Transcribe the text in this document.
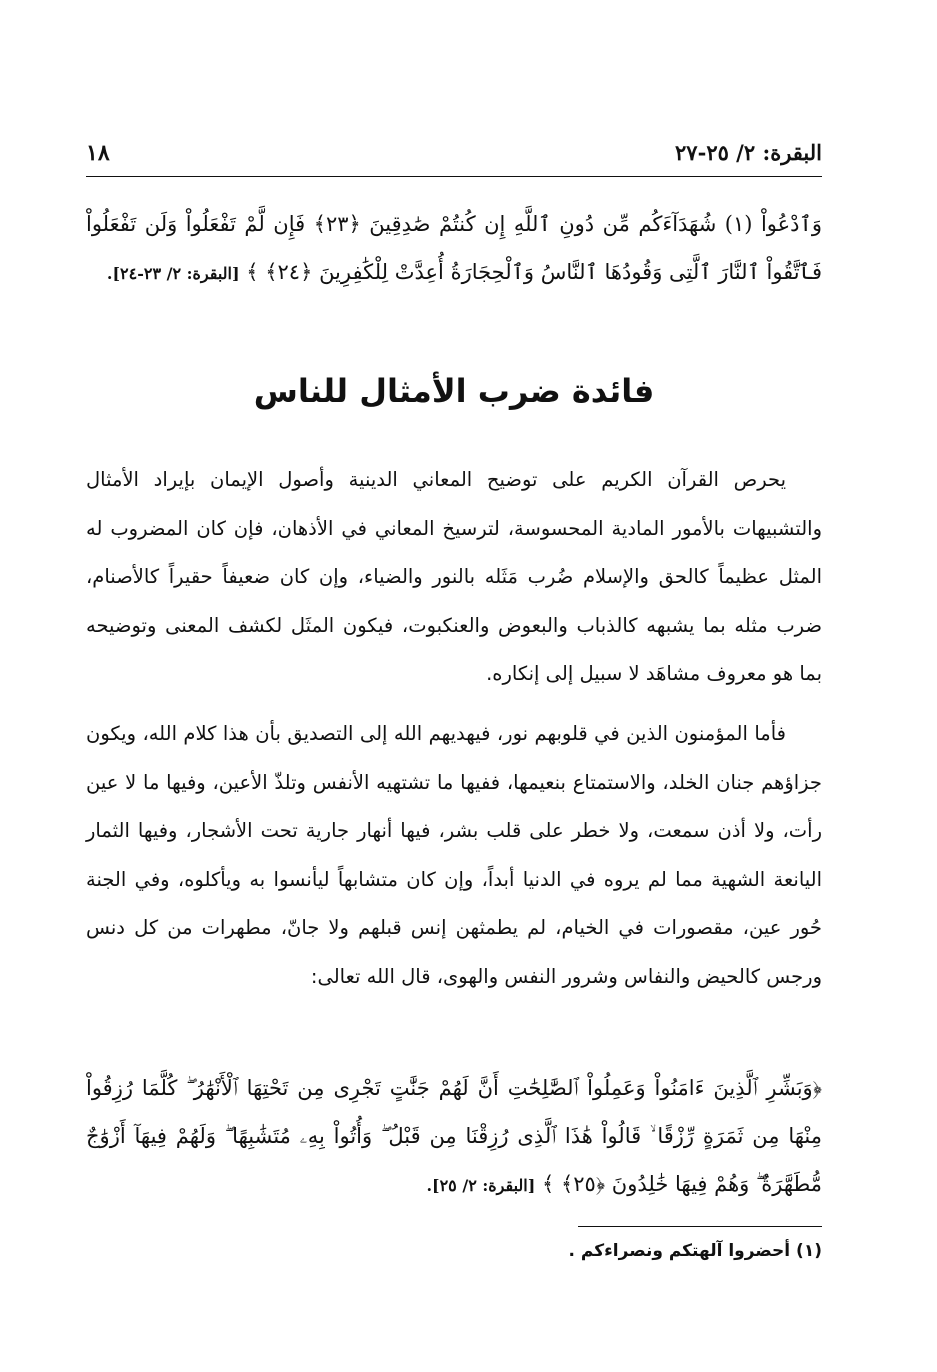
البقرة: ٢/ ٢٥-٢٧
١٨
وَٱدْعُواْ (١) شُهَدَآءَكُم مِّن دُونِ ٱللَّهِ إِن كُنتُمْ صَٰدِقِينَ ﴿٢٣﴾ فَإِن لَّمْ تَفْعَلُواْ وَلَن تَفْعَلُواْ فَٱتَّقُواْ ٱلنَّارَ ٱلَّتِى وَقُودُهَا ٱلنَّاسُ وَٱلْحِجَارَةُ أُعِدَّتْ لِلْكَٰفِرِينَ ﴿٢٤﴾ ﴾ [البقرة: ٢/ ٢٣-٢٤].
فائدة ضرب الأمثال للناس

يحرص القرآن الكريم على توضيح المعاني الدينية وأصول الإيمان بإيراد الأمثال والتشبيهات بالأمور المادية المحسوسة، لترسيخ المعاني في الأذهان، فإن كان المضروب له المثل عظيماً كالحق والإسلام ضُرب مَثَله بالنور والضياء، وإن كان ضعيفاً حقيراً كالأصنام، ضرب مثله بما يشبهه كالذباب والبعوض والعنكبوت، فيكون المثَل لكشف المعنى وتوضيحه بما هو معروف مشاهَد لا سبيل إلى إنكاره.

فأما المؤمنون الذين في قلوبهم نور، فيهديهم الله إلى التصديق بأن هذا كلام الله، ويكون جزاؤهم جنان الخلد، والاستمتاع بنعيمها، ففيها ما تشتهيه الأنفس وتلذّ الأعين، وفيها ما لا عين رأت، ولا أذن سمعت، ولا خطر على قلب بشر، فيها أنهار جارية تحت الأشجار، وفيها الثمار اليانعة الشهية مما لم يروه في الدنيا أبداً، وإن كان متشابهاً ليأنسوا به ويأكلوه، وفي الجنة حُور عين، مقصورات في الخيام، لم يطمثهن إنس قبلهم ولا جانّ، مطهرات من كل دنس ورجس كالحيض والنفاس وشرور النفس والهوى، قال الله تعالى:

﴿وَبَشِّرِ ٱلَّذِينَ ءَامَنُواْ وَعَمِلُواْ ٱلصَّٰلِحَٰتِ أَنَّ لَهُمْ جَنَّٰتٍ تَجْرِى مِن تَحْتِهَا ٱلْأَنْهَٰرُ ۖ كُلَّمَا رُزِقُواْ مِنْهَا مِن ثَمَرَةٍ رِّزْقًا ۙ قَالُواْ هَٰذَا ٱلَّذِى رُزِقْنَا مِن قَبْلُ ۖ وَأُتُواْ بِهِۦ مُتَشَٰبِهًا ۖ وَلَهُمْ فِيهَآ أَزْوَٰجٌ مُّطَهَّرَةٌ ۖ وَهُمْ فِيهَا خَٰلِدُونَ ﴿٢٥﴾ ﴾ [البقرة: ٢/ ٢٥].
(١) أحضروا آلهتكم ونصراءكم .
